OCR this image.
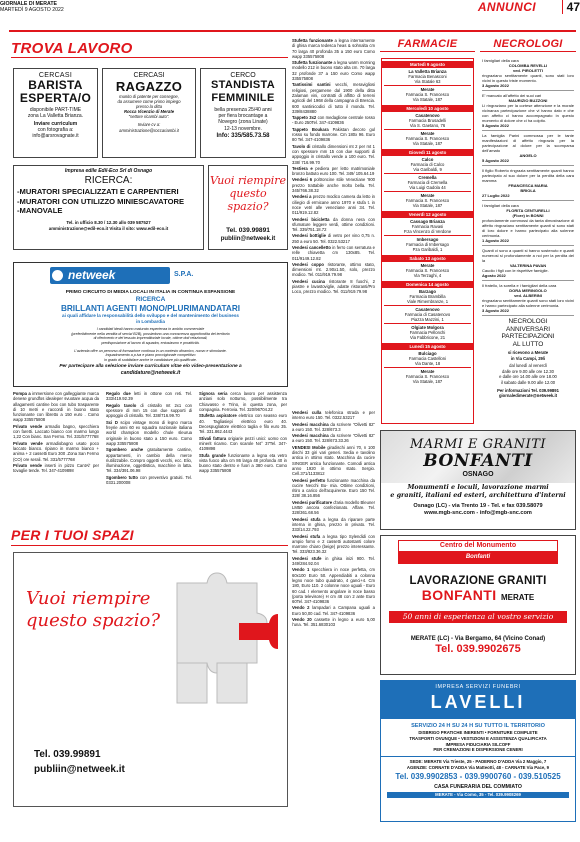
GIORNALE DI MERATE
MARTEDÌ 9 AGOSTO 2022	ANNUNCI	47
TROVA LAVORO
CERCASI
BARISTA
ESPERTA/O
disponibile PART-TIME
zona La Valletta Brianza.
Inviare curriculum
con fotografia a:
info@arsrovagnate.it
CERCASI
RAGAZZO
munito di patente per consegne,
da assumere come primo impiego
presso la ditta
Rocca Vicenzio di Merate
"settore ricambi auto".
Inviare cv a:
amministrazione@roccariambi.it
CERCO
STANDISTA
FEMMINILE
bella presenza 25/40 anni
per fiera brocantage a
Novegro (zona Linate)
12-13 novembre.
Info: 335/585.73.58
Impresa edile Edil-Eco Srl di Osnago
RICERCA:
-MURATORI SPECIALIZZATI E CARPENTIERI
-MURATORI CON UTILIZZO MINIESCAVATORE
-MANOVALE
Tel. in ufficio 8.30 / 12.30 allo 039 587527
amministrazione@edil-eco.it Visita il sito: www.edil-eco.it
Vuoi riempire
questo
spazio?
Tel. 039.99891
publiin@netweek.it
netweek	S.P.A.
PRIMO CIRCUITO DI MEDIA LOCALI IN ITALIA IN CONTINUA ESPANSIONE
RICERCA
BRILLANTI AGENTI MONO/PLURIMANDATARI
ai quali affidare la responsabilità dello sviluppo e del mantenimento del business
in Lombardia
I candidati ideali hanno maturato esperienza in ambito commerciale
(preferibilmente nella vendita di servizi B2B), possiedono una conoscenza approfondita del territorio
di riferimento e del tessuto imprenditoriale locale, ottime doti relazionali,
predisposizione al lavoro di squadra, entusiasmo e proattività.
L'azienda offre un percorso di formazione continua in un contesto dinamico, nuovo e stimolante.
Inquadramento a p.iva e piano provvigionale competitivo
in grado di soddisfare anche le candidature più qualificate.
Per partecipare alla selezione inviare curriculum vitae e/o video-presentazione a
candidature@netweek.it

Pompa a immersione con galleggiante marca denese grundfos idealeper svuotare acqua da allagamenti cantine box con tubo trasparente di 10 metri e raccordi in buono stato funzionante con libretto a 150 euro . Como wapp 335575808

Privato vende armadio bagno, specchiera con faretti. Laccato bianco con marmo lungo 1,22 Con bianc. San Fermo. Tel. 331/5777768

Privato vende armadiobagno usato poco laccato bianco. ripiano in marmo bianco + anima + 2 cassetti Euro 300 .Zona San Fermo (CO) ore serali. Tel. 331/5777768

Privato vende inserti in pizzo CantAl' per tovaglie tende. Tel. 347-4109898

Regalo due letti in ottone con reti. Tel. 333/419.92.39

Regalo tavolo di cristallo mt 2x1 con spessore di mm 15 con due supporti di appoggio di cristallo. Tel. 338/716.99.70

Sci D scipo vintage mono di legno marca freyrie anni 60 ex squadra nazionale italiana world champion modello chule sleurua originale in buono stato a 150 euro. Como wapp 335575808

Sgombero anche gratuitamente cantine, appartamenti, in cambio della merce riutilizzabile. Compro oggetti vecchi, ecc. Elio, illuminazione, oggettistica, macchine in latta. Tel. 334/391.06.98

Sgombero tutto con preventivo gratuiti. Tel. 0331.200008

Signora seria cerca lavoro per assistenza anziani solo notturno, possibilmente tra Chiavasso e Trino, in questa zona, per compagnia. Ferrovia. Tel. 320/96704.22

Stufetta aspiratore elettrico con seasso euro 40. Tagliasiepi elettrico euro 40. Decespugliatore elettrico taglia e filo euro 35. Tel. 331.862.4443

Stivali fattura origiarie pezzi unici: uomo con minerit ricamo. Con scarole N4° 37Tel. 347-4109898

Stufa grande funzionante a legna eta vetro vista fuoco alta cm 86 larga 48 profonda 40 in buono stato dentro e fuori a 380 euro. Como wapp 335575808

PER I TUOI SPAZI
Vuoi riempire
questo spazio?
Tel. 039.99891
publiin@netweek.it

Stufetta funzionante a legna internamente di ghisa marca tedesca heas & sohnalta cm 70 larga 40 profonda 35 a 150 euro Como wapp 335575808

Stufetta funzionante a legna warm morning modello 212 in buono stato alta cm. 70 larga 32 profonde 37 a 150 euro Como wapp 335575808

Tantissimi santini vecchi, meravigliosi religiosi, pergamene dal 1900 della ditta Zalaman vini, contratti di affitto di terreni agricoli del 1968 della campagna di Brescia. 600 santinicodici di tutto il mondo. Tel. 339/8438880

Tappeto 3x2 con medaglione centrale rosso - Euro 250Tel. 347-4109836

Tappeto Boukara Pakistan decoro gul rosso su fondo marrone. Cm 180x 96. Euro 80 Tel. 347-4109836

Tavolo di cristallo dimensioni mt 2 per mt 1 con spessore mm 15 con due supporti di appoggio in cristallo vende a 100 euro. Tel. 338/ 716.99.70

Testiera e pediera per letto matrimoniale bronzo battuto euro 100. Tel. 349/ 105.64.19

Vendesi 6 poltroncine stile Veneziane '900 prezzo trattabile anche molto bella. Tel. 345/766.38.32

Vendesi a prezzo modico camera da letto in ciliegio di ermicane anno 1970 e stufa t. in noce vetri alle veneziane anni 34. Tel. 011/919.12.82

Vendesi bicicletta da donna nera con sfumature leggere verdi, ottime condizioni. Tel. 339/751.18.72

Vendesi bottiglie di vetro per vino 0,75 n. 250 a euro 50. Tel. 0322.53217

Vendesi cancelletto in ferro con serratura e relle chiavetta cm 130x85. Tel. 011/9149.12.82

Vendesi coppo ristorante, ottimo stato, dimensioni mt. 2.90x1.50, solo, prezzo modico. Tel. 011/919.79.98

Vendesi cucina ristorante 8 fuochi, 2 piastre e lavastoviglie, adatte ristoranti/Pro Loco, prezzo modico. Tel. 011/919.79.98

Vendesi culla telefonica strada e per interno euro 150. Tel. 0322.53217

Vendesi macchina da scrivere "Olivetti 82" a euro 150. Tel. 328/673.3

Vendesi macchina da scrivere "Olivetti 82" a euro 150. Tel. 328/673.33.26

VENDESI Mobile giradischi anni 70, n 100 dischi 33 giri vari generi. Sedia e tavolino antica in ottimo stato. Macchina da cucire SINGER antica funzionante. Comodi antica anno 1920 in ottimo stato. Sergio. Cell.371/1133812

Vendesi perfetto funzionante macchina da cucire Necchi Bu- mia. Ottime condizioni, ritiro a carico dell'acquirente. Euro 150 Tel. 328/ 38.16.856

Vendesi purificatore d'aria modello Bleuner LM50 ancora confezionato. Affare. Tel. 328/361.68.56

Vendesi stufa a legna da riparare parte interna in ghisa, prezzo in privato. Tel. 333/14.22.793

Vendesi stufa a legna tipo Sylendidi con ampio forno e 2 cassetti autostanti colore marrone chiaro (beige) prezzo interessante. Tel. 333/823.36.32

Vendesi stufe in ghisa inizi 900. Tel. 349/284.92.04

Vendo 1 specchiera in noce perfetta, cm 60x100 Euro 50. Appendiabiti a colonna legno noce tubo quadrato, 4 ganci+4. Cm 180, Euro 110. 2 colonne noce uguali - Euro 60 cad. I elemento angolare in noce basso (porta televisore) H cm 48 con 2 ante Euro 60Tel. 347-4109836

Vendo 2 lampadari a Campana uguali a Euro 50,00 cad. Tel. 347-4109836

Vendo 20 cassette in legno a euro 5,00 l'una. Tel. 351.6830103

FARMACIE
Martedì 9 agosto
La Valletta Brianza
Farmacia Benasconi
Via Statale 63
Merate
Farmacia S. Francesco
Via Statale, 187
Mercoledì 10 agosto
Casatenovo
Farmacia Brusadelli
Via S. Gaetano, 76
Merate
Farmacia S. Francesco
Via Statale, 187
Giovedì 11 agosto
Calco
Farmacia di Calco
Via Garibaldi, 9
Cremella
Farmacia di Cremella
Via Luigi Gadola 44
Merate
Farmacia S. Francesco
Via Statale, 187
Venerdì 12 agosto
Cassago Brianza
Farmacia Ravasi
P.za Vincenzo di Verdone
Imbersago
Farmacia di Imbersago
Pza Garibaldi, 1
Sabato 13 agosto
Merate
Farmacia S. Francesco
Via Terzaghi, 4
Domenica 14 agosto
Barzago
Farmacia Brambilla
Viale Rimembranze, 1
Casatenovo
Farmacia di Casatenovo
Piazza Mazzini, 1
Olgiate Molgora
Farmacia Pellonchi
Via Fabbricone, 21
Lunedì 15 agosto
Bulciago
Farmacia Castelloni
Via Dante, 18
Merate
Farmacia S. Francesco
Via Statale, 187
NECROLOGI
I famigliari della cara
COLOMBA REVELLI
ved. PIROLETTI
ringraziano sentitamente quanti, sono stati loro vicini in questo triste momento.
3 Agosto 2022
E' mancato all'affetto dei suoi cari
MAURIZIO BUZZONI
Li ringraziano per la cortese attenzione e la morale vicinanza partecipazione che vi hanno dato e che con affetto ci hanno accompagnato in questo momento di dolore che ci ha colpito.
5 Agosto 2022
La famiglia Parini commossa per le tante manifestazioni di affetto ringrazia per la partecipazione al dolore per la scomparsa dell'amato
ANGELO
5 Agosto 2022
Il figlio Roberto ringrazia sentitamente quanti hanno partecipato al suo dolore per la perdita della cara mamma
FRANCESCA MARIA
BRIOLA
27 Luglio 2022
I famigliari della cara
FLORITA CENTURELLI
(Flore) in BONNI
profondamente commossi da tanta dimostrazione di affetto ringraziano sentitamente quanti si sono stati di loro dolore e hanno partecipato alla solenne cerimonia.
1 Agosto 2022
Quanti ci sono a quanti si hanno sostenuto e quanti numerosi si profondamente a noi per la perdita del la
VALTERINA PAVAN
Caudio i figli con le rispettive famiglie.
Agosto 2022
Il fratello, la sorella e i famigliari della cara
DORA MERINGOLO
ved. ALBERINI
ringraziano sentitamente quanti sono stati loro vicini e hanno partecipato alla solenne cerimonia.
3 Agosto 2022
NECROLOGI
ANNIVERSARI
PARTECIPAZIONI
AL LUTTO
si ricevono a Merate
in Via Campi, 29/i
dal lunedì al venerdì
dalle ore 9.00 alle ore 12.30
e dalle ore 14.00 alle ore 18.00
il sabato dalle 9.00 alle 12.00
Per informazioni Tel. 039.99891
giornaledimerate@netweek.it
MARMI E GRANITI
BONFANTI
OSNAGO
Monumenti e loculi, lavorazione marmi
e graniti, italiani ed esteri, architettura d'interni
Osnago (LC) - via Trento 19 - Tel. e fax 039.58079
www.mgb-snc.com - info@mgb-snc.com
Centro del Monumento
Bonfanti
LAVORAZIONE GRANITI
BONFANTI MERATE
50 anni di esperienza al vostro servizio
MERATE (LC) - Via Bergamo, 64 (Vicino Conad)
Tel. 039.9902675
IMPRESA SERVIZI FUNEBRI
LAVELLI
SERVIZIO 24 H SU 24 H SU TUTTO IL TERRITORIO
DISBRIGO PRATICHE INERENTI • FORNITURE COMPLETE
TRASPORTI OVUNQUE • VESTIZIONI E ASSISTENZA QUALIFICATA
IMPRESA FIDUCIARIA SILCOFF
PER CREMAZIONI E DISPERSIONE CENERI
SEDE: MERATE Via Trieste, 25 - PADERNO D'ADDA Via 2 Maggio, 7
AGENZIE: CORNATE D'ADDA Via Matteotti, 48 - CARNATE Via Pace, 9
Tel. 039.9902853 - 039.9900760 - 039.510525
CASA FUNERARIA DEL COMMIATO
MERATE - Via Como, 35 - Tel. 039.9908269
